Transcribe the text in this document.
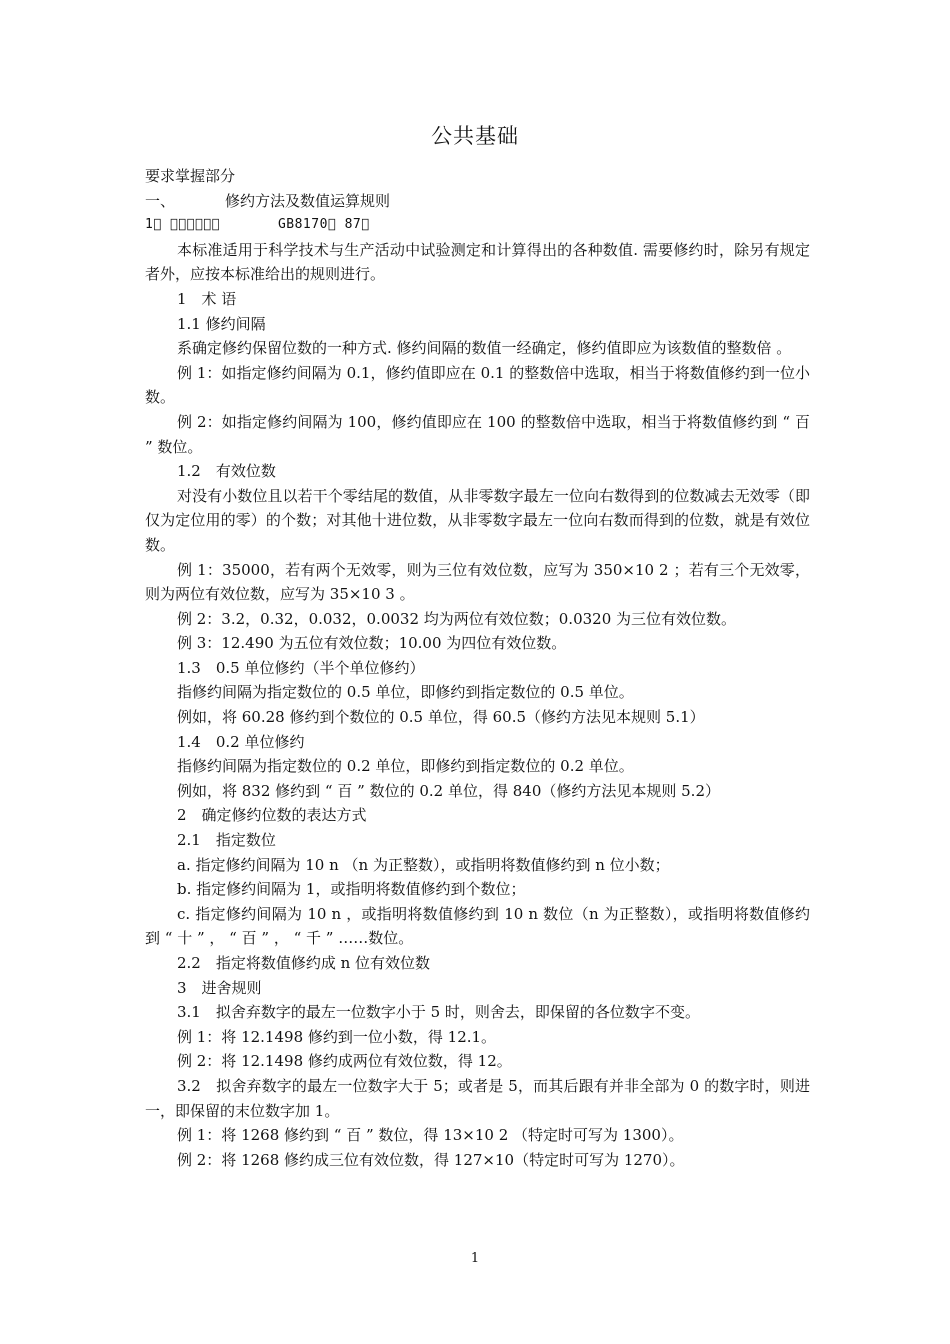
公共基础

要求掌握部分

一、	修约方法及数值运算规则

1        	GB8170  87 

本标准适用于科学技术与生产活动中试验测定和计算得出的各种数值. 需要修约时，除另有规定者外，应按本标准给出的规则进行。

1　术 语

1.1 修约间隔

系确定修约保留位数的一种方式. 修约间隔的数值一经确定，修约值即应为该数值的整数倍 。

例 1：如指定修约间隔为 0.1，修约值即应在 0.1 的整数倍中选取，相当于将数值修约到一位小数。

例 2：如指定修约间隔为 100，修约值即应在 100 的整数倍中选取，相当于将数值修约到 “ 百 ” 数位。

1.2　有效位数

对没有小数位且以若干个零结尾的数值，从非零数字最左一位向右数得到的位数减去无效零（即仅为定位用的零）的个数；对其他十进位数，从非零数字最左一位向右数而得到的位数，就是有效位数。

例 1：35000，若有两个无效零，则为三位有效位数，应写为 350×10 2 ；若有三个无效零，则为两位有效位数，应写为 35×10 3 。

例 2：3.2，0.32，0.032，0.0032 均为两位有效位数；0.0320 为三位有效位数。

例 3：12.490 为五位有效位数；10.00 为四位有效位数。

1.3　0.5 单位修约（半个单位修约）

指修约间隔为指定数位的 0.5 单位，即修约到指定数位的 0.5 单位。

例如，将 60.28 修约到个数位的 0.5 单位，得 60.5（修约方法见本规则 5.1）

1.4　0.2 单位修约

指修约间隔为指定数位的 0.2 单位，即修约到指定数位的 0.2 单位。

例如，将 832 修约到 “ 百 ” 数位的 0.2 单位，得 840（修约方法见本规则 5.2）

2　确定修约位数的表达方式

2.1　指定数位

a. 指定修约间隔为 10 n （n 为正整数），或指明将数值修约到 n 位小数；

b. 指定修约间隔为 1，或指明将数值修约到个数位；

c. 指定修约间隔为 10 n ，或指明将数值修约到 10 n 数位（n 为正整数），或指明将数值修约到 “ 十 ” ， “ 百 ” ， “ 千 ” ……数位。

2.2　指定将数值修约成 n 位有效位数

3　进舍规则

3.1　拟舍弃数字的最左一位数字小于 5 时，则舍去，即保留的各位数字不变。

例 1：将 12.1498 修约到一位小数，得 12.1。

例 2：将 12.1498 修约成两位有效位数，得 12。

3.2　拟舍弃数字的最左一位数字大于 5；或者是 5，而其后跟有并非全部为 0 的数字时，则进一，即保留的末位数字加 1。

例 1：将 1268 修约到 “ 百 ” 数位，得 13×10 2 （特定时可写为 1300）。

例 2：将 1268 修约成三位有效位数，得 127×10（特定时可写为 1270）。

1
